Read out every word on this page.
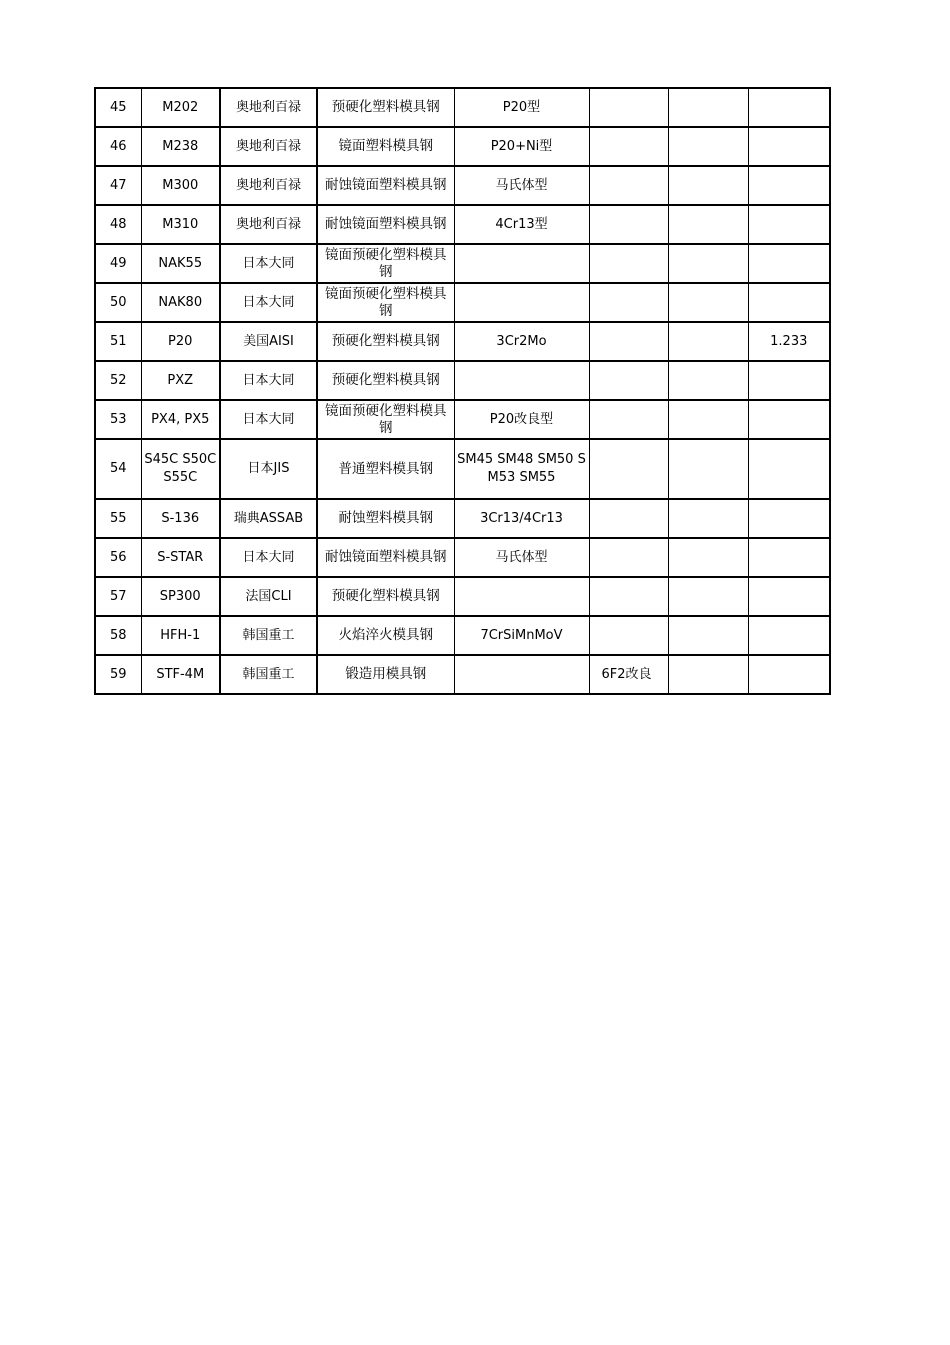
45	M202	奥地利百禄	预硬化塑料模具钢	P20型			
46	M238	奥地利百禄	镜面塑料模具钢	P20+Ni型			
47	M300	奥地利百禄	耐蚀镜面塑料模具钢	马氏体型			
48	M310	奥地利百禄	耐蚀镜面塑料模具钢	4Cr13型			
49	NAK55	日本大同	镜面预硬化塑料模具钢				
50	NAK80	日本大同	镜面预硬化塑料模具钢				
51	P20	美国AISI	预硬化塑料模具钢	3Cr2Mo			1.233
52	PXZ	日本大同	预硬化塑料模具钢				
53	PX4, PX5	日本大同	镜面预硬化塑料模具钢	P20改良型			
54	S45C S50C S55C	日本JIS	普通塑料模具钢	SM45 SM48 SM50 SM53 SM55			
55	S-136	瑞典ASSAB	耐蚀塑料模具钢	3Cr13/4Cr13			
56	S-STAR	日本大同	耐蚀镜面塑料模具钢	马氏体型			
57	SP300	法国CLI	预硬化塑料模具钢				
58	HFH-1	韩国重工	火焰淬火模具钢	7CrSiMnMoV			
59	STF-4M	韩国重工	锻造用模具钢		6F2改良		
